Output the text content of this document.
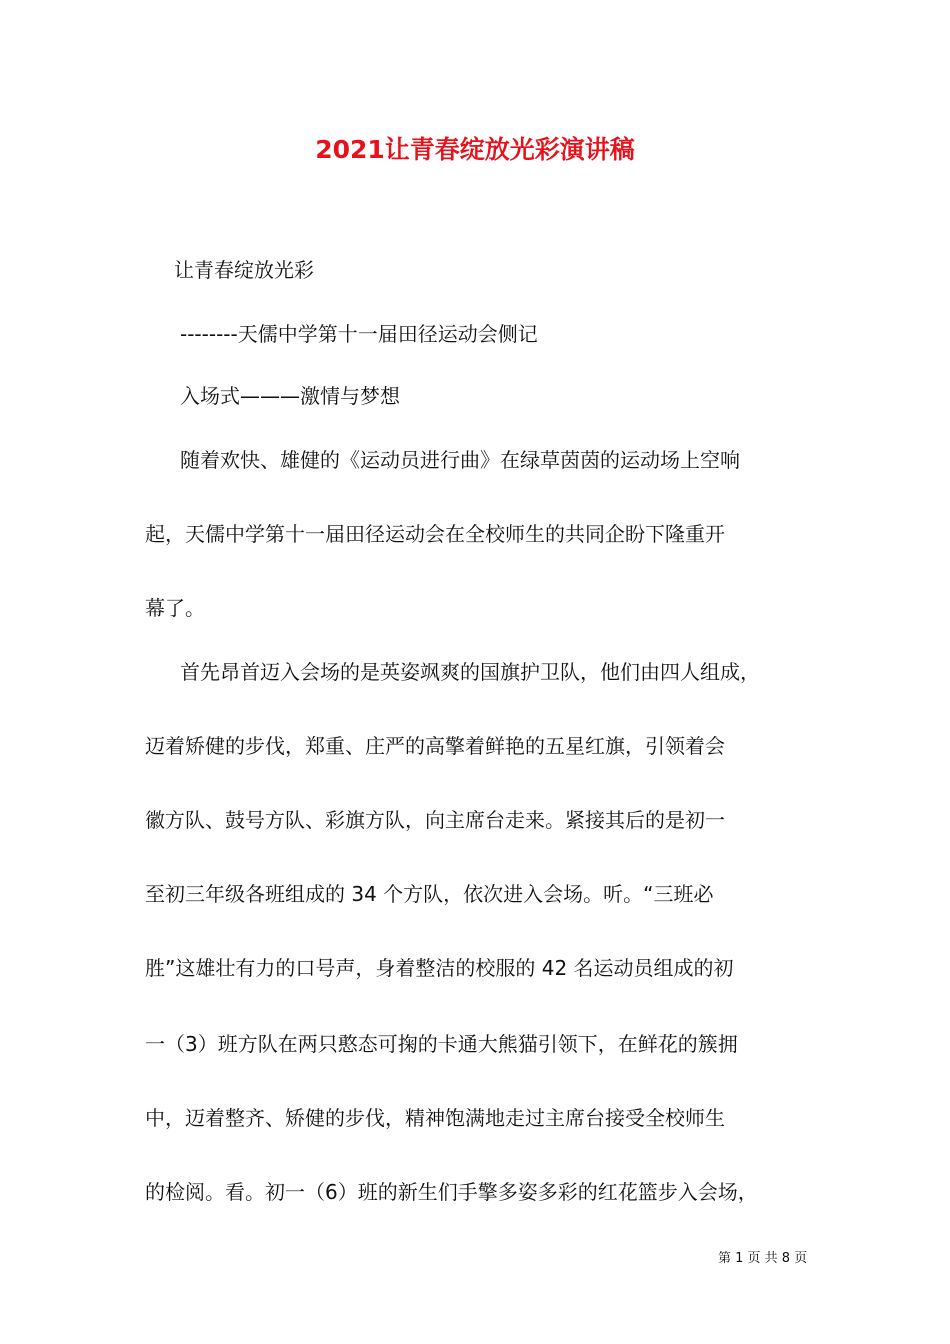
2021让青春绽放光彩演讲稿

让青春绽放光彩

--------天儒中学第十一届田径运动会侧记

入场式———激情与梦想

随着欢快、雄健的《运动员进行曲》在绿草茵茵的运动场上空响

起，天儒中学第十一届田径运动会在全校师生的共同企盼下隆重开

幕了。

首先昂首迈入会场的是英姿飒爽的国旗护卫队，他们由四人组成，

迈着矫健的步伐，郑重、庄严的高擎着鲜艳的五星红旗，引领着会

徽方队、鼓号方队、彩旗方队，向主席台走来。紧接其后的是初一

至初三年级各班组成的 34 个方队，依次进入会场。听。“三班必

胜”这雄壮有力的口号声，身着整洁的校服的 42 名运动员组成的初

一（3）班方队在两只憨态可掬的卡通大熊猫引领下，在鲜花的簇拥

中，迈着整齐、矫健的步伐，精神饱满地走过主席台接受全校师生

的检阅。看。初一（6）班的新生们手擎多姿多彩的红花篮步入会场，

第 1 页 共 8 页
